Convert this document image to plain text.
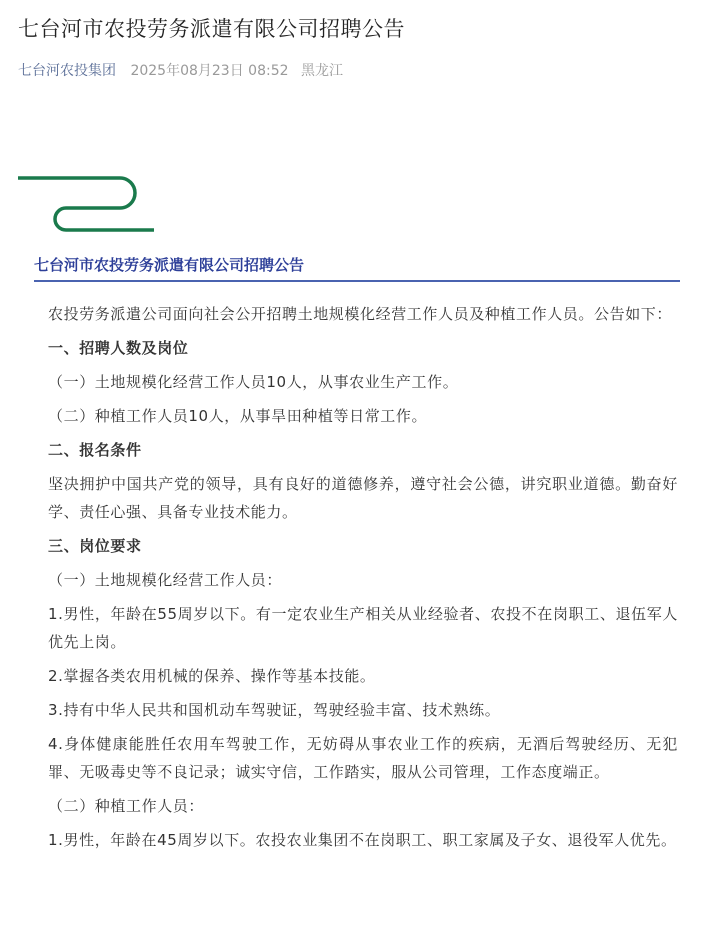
七台河市农投劳务派遣有限公司招聘公告
七台河农投集团 2025年08月23日 08:52 黑龙江
七台河市农投劳务派遣有限公司招聘公告

农投劳务派遣公司面向社会公开招聘土地规模化经营工作人员及种植工作人员。公告如下：

一、招聘人数及岗位

（一）土地规模化经营工作人员10人，从事农业生产工作。

（二）种植工作人员10人，从事旱田种植等日常工作。

二、报名条件

坚决拥护中国共产党的领导，具有良好的道德修养，遵守社会公德，讲究职业道德。勤奋好学、责任心强、具备专业技术能力。

三、岗位要求

（一）土地规模化经营工作人员：

1.男性，年龄在55周岁以下。有一定农业生产相关从业经验者、农投不在岗职工、退伍军人优先上岗。

2.掌握各类农用机械的保养、操作等基本技能。

3.持有中华人民共和国机动车驾驶证，驾驶经验丰富、技术熟练。

4.身体健康能胜任农用车驾驶工作，无妨碍从事农业工作的疾病，无酒后驾驶经历、无犯罪、无吸毒史等不良记录；诚实守信，工作踏实，服从公司管理，工作态度端正。

（二）种植工作人员：

1.男性，年龄在45周岁以下。农投农业集团不在岗职工、职工家属及子女、退役军人优先。
